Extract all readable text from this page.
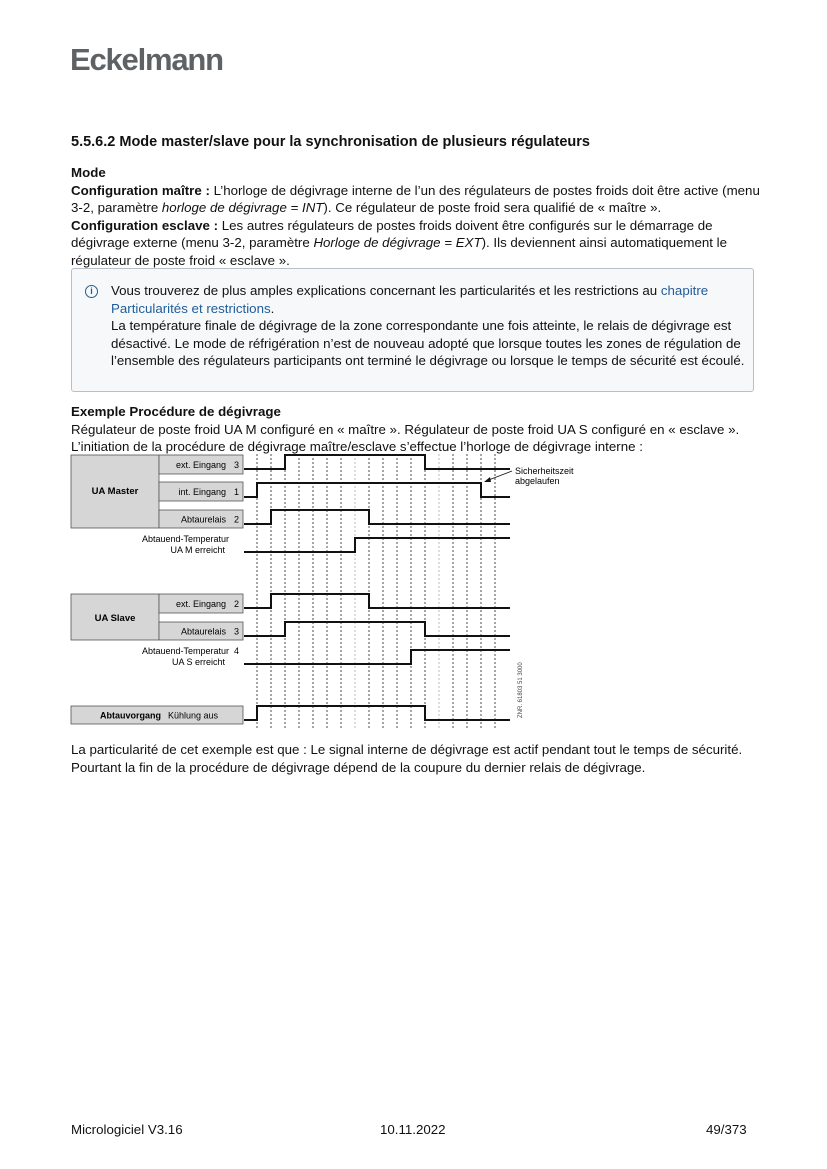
Eckelmann
5.5.6.2 Mode master/slave pour la synchronisation de plusieurs régulateurs
Mode
Configuration maître : L’horloge de dégivrage interne de l’un des régulateurs de postes froids doit être active (menu 3-2, paramètre horloge de dégivrage = INT). Ce régulateur de poste froid sera qualifié de « maître ».
Configuration esclave : Les autres régulateurs de postes froids doivent être configurés sur le démarrage de dégivrage externe (menu 3-2, paramètre Horloge de dégivrage = EXT). Ils deviennent ainsi automatiquement le régulateur de poste froid « esclave ».
i	Vous trouverez de plus amples explications concernant les particularités et les restrictions au chapitre Particularités et restrictions.
La température finale de dégivrage de la zone correspondante une fois atteinte, le relais de dégivrage est désactivé. Le mode de réfrigération n’est de nouveau adopté que lorsque toutes les zones de régulation de l’ensemble des régulateurs participants ont terminé le dégivrage ou lorsque le temps de sécurité est écoulé.
Exemple Procédure de dégivrage
Régulateur de poste froid UA M configuré en « maître ». Régulateur de poste froid UA S configuré en « esclave ». L’initiation de la procédure de dégivrage maître/esclave s’effectue l’horloge de dégivrage interne :
UA Master
UA Slave
ext. Eingang 3
int. Eingang 1
Abtaurelais 2
Abtauend-Temperatur
UA M erreicht
ext. Eingang 2
Abtaurelais 3
Abtauend-Temperatur
UA S erreicht
4
Abtauvorgang Kühlung aus
Sicherheitszeit
abgelaufen
ZNR. 61803 51 3000
La particularité de cet exemple est que : Le signal interne de dégivrage est actif pendant tout le temps de sécurité. Pourtant la fin de la procédure de dégivrage dépend de la coupure du dernier relais de dégivrage.
Micrologiciel V3.16	10.11.2022	49/373
